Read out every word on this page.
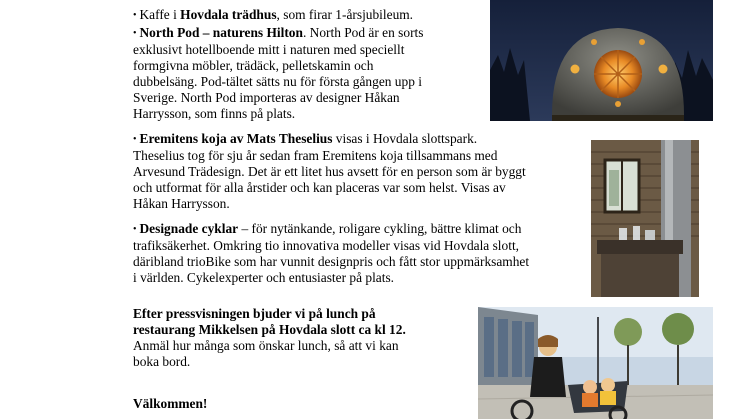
• Kaffe i Hovdala trädhus, som firar 1-årsjubileum.

• North Pod – naturens Hilton. North Pod är en sorts
exklusivt hotellboende mitt i naturen med speciellt
formgivna möbler, trädäck, pelletskamin och
dubbelsäng. Pod-tältet sätts nu för första gången upp i
Sverige. North Pod importeras av designer Håkan
Harrysson, som finns på plats.
• Eremitens koja av Mats Theselius visas i Hovdala slottspark.
Theselius tog för sju år sedan fram Eremitens koja tillsammans med
Arvesund Trädesign. Det är ett litet hus avsett för en person som är byggt
och utformat för alla årstider och kan placeras var som helst. Visas av
Håkan Harrysson.
• Designade cyklar – för nytänkande, roligare cykling, bättre klimat och
trafiksäkerhet. Omkring tio innovativa modeller visas vid Hovdala slott,
däribland trioBike som har vunnit designpris och fått stor uppmärksamhet
i världen. Cykelexperter och entusiaster på plats.
Efter pressvisningen bjuder vi på lunch på
restaurang Mikkelsen på Hovdala slott ca kl 12.
Anmäl hur många som önskar lunch, så att vi kan
boka bord.
Välkommen!
